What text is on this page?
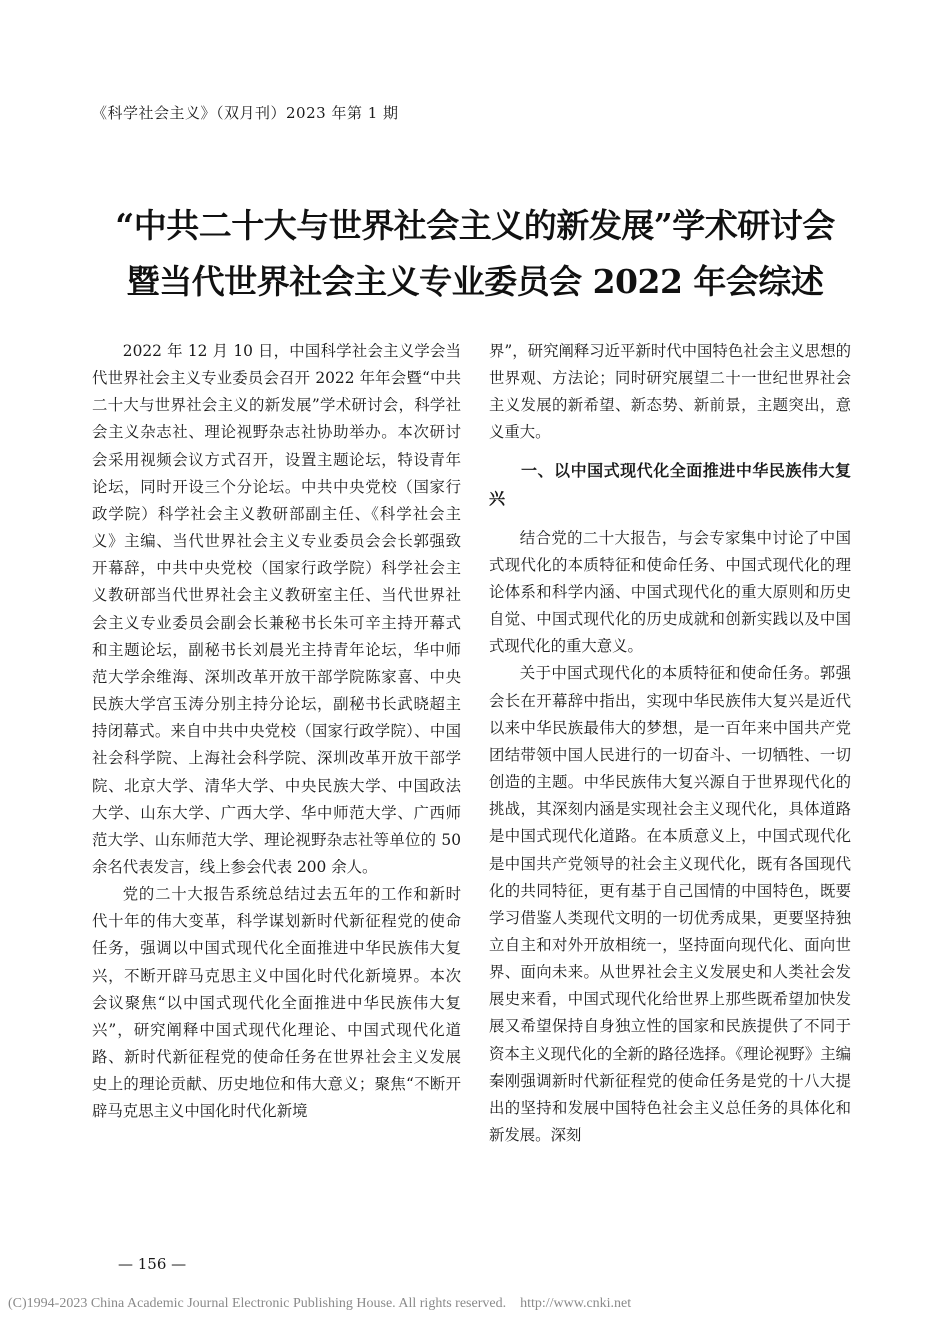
《科学社会主义》（双月刊）2023 年第 1 期
“中共二十大与世界社会主义的新发展”学术研讨会
暨当代世界社会主义专业委员会 2022 年会综述

2022 年 12 月 10 日，中国科学社会主义学会当代世界社会主义专业委员会召开 2022 年年会暨“中共二十大与世界社会主义的新发展”学术研讨会，科学社会主义杂志社、理论视野杂志社协助举办。本次研讨会采用视频会议方式召开，设置主题论坛，特设青年论坛，同时开设三个分论坛。中共中央党校（国家行政学院）科学社会主义教研部副主任、《科学社会主义》主编、当代世界社会主义专业委员会会长郭强致开幕辞，中共中央党校（国家行政学院）科学社会主义教研部当代世界社会主义教研室主任、当代世界社会主义专业委员会副会长兼秘书长朱可辛主持开幕式和主题论坛，副秘书长刘晨光主持青年论坛，华中师范大学余维海、深圳改革开放干部学院陈家喜、中央民族大学宫玉涛分别主持分论坛，副秘书长武晓超主持闭幕式。来自中共中央党校（国家行政学院）、中国社会科学院、上海社会科学院、深圳改革开放干部学院、北京大学、清华大学、中央民族大学、中国政法大学、山东大学、广西大学、华中师范大学、广西师范大学、山东师范大学、理论视野杂志社等单位的 50 余名代表发言，线上参会代表 200 余人。

党的二十大报告系统总结过去五年的工作和新时代十年的伟大变革，科学谋划新时代新征程党的使命任务，强调以中国式现代化全面推进中华民族伟大复兴，不断开辟马克思主义中国化时代化新境界。本次会议聚焦“以中国式现代化全面推进中华民族伟大复兴”，研究阐释中国式现代化理论、中国式现代化道路、新时代新征程党的使命任务在世界社会主义发展史上的理论贡献、历史地位和伟大意义；聚焦“不断开辟马克思主义中国化时代化新境

界”，研究阐释习近平新时代中国特色社会主义思想的世界观、方法论；同时研究展望二十一世纪世界社会主义发展的新希望、新态势、新前景，主题突出，意义重大。

一、以中国式现代化全面推进中华民族伟大复兴

结合党的二十大报告，与会专家集中讨论了中国式现代化的本质特征和使命任务、中国式现代化的理论体系和科学内涵、中国式现代化的重大原则和历史自觉、中国式现代化的历史成就和创新实践以及中国式现代化的重大意义。

关于中国式现代化的本质特征和使命任务。郭强会长在开幕辞中指出，实现中华民族伟大复兴是近代以来中华民族最伟大的梦想，是一百年来中国共产党团结带领中国人民进行的一切奋斗、一切牺牲、一切创造的主题。中华民族伟大复兴源自于世界现代化的挑战，其深刻内涵是实现社会主义现代化，具体道路是中国式现代化道路。在本质意义上，中国式现代化是中国共产党领导的社会主义现代化，既有各国现代化的共同特征，更有基于自己国情的中国特色，既要学习借鉴人类现代文明的一切优秀成果，更要坚持独立自主和对外开放相统一，坚持面向现代化、面向世界、面向未来。从世界社会主义发展史和人类社会发展史来看，中国式现代化给世界上那些既希望加快发展又希望保持自身独立性的国家和民族提供了不同于资本主义现代化的全新的路径选择。《理论视野》主编秦刚强调新时代新征程党的使命任务是党的十八大提出的坚持和发展中国特色社会主义总任务的具体化和新发展。深刻

— 156 —
(C)1994-2023 China Academic Journal Electronic Publishing House. All rights reserved. http://www.cnki.net
